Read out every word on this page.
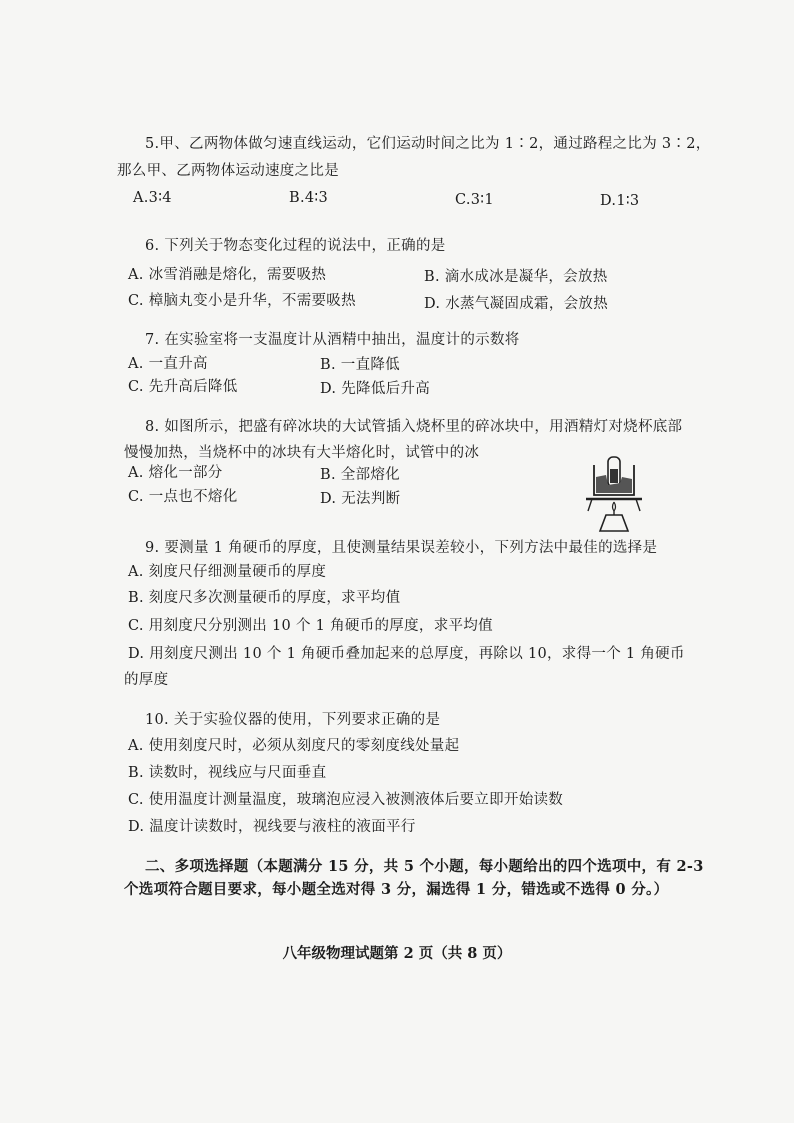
5.甲、乙两物体做匀速直线运动，它们运动时间之比为 1∶2，通过路程之比为 3∶2，
那么甲、乙两物体运动速度之比是
A.3∶4	B.4∶3	C.3∶1	D.1∶3
6. 下列关于物态变化过程的说法中，正确的是
A. 冰雪消融是熔化，需要吸热	B. 滴水成冰是凝华，会放热
C. 樟脑丸变小是升华，不需要吸热	D. 水蒸气凝固成霜，会放热
7. 在实验室将一支温度计从酒精中抽出，温度计的示数将
A. 一直升高	B. 一直降低
C. 先升高后降低	D. 先降低后升高
8. 如图所示，把盛有碎冰块的大试管插入烧杯里的碎冰块中，用酒精灯对烧杯底部
慢慢加热，当烧杯中的冰块有大半熔化时，试管中的冰
A. 熔化一部分	B. 全部熔化
C. 一点也不熔化	D. 无法判断
9. 要测量 1 角硬币的厚度，且使测量结果误差较小，下列方法中最佳的选择是
A. 刻度尺仔细测量硬币的厚度
B. 刻度尺多次测量硬币的厚度，求平均值
C. 用刻度尺分别测出 10 个 1 角硬币的厚度，求平均值
D. 用刻度尺测出 10 个 1 角硬币叠加起来的总厚度，再除以 10，求得一个 1 角硬币
的厚度
10. 关于实验仪器的使用，下列要求正确的是
A. 使用刻度尺时，必须从刻度尺的零刻度线处量起
B. 读数时，视线应与尺面垂直
C. 使用温度计测量温度，玻璃泡应浸入被测液体后要立即开始读数
D. 温度计读数时，视线要与液柱的液面平行
二、多项选择题（本题满分 15 分，共 5 个小题，每小题给出的四个选项中，有 2-3
个选项符合题目要求，每小题全选对得 3 分，漏选得 1 分，错选或不选得 0 分。）
八年级物理试题第 2 页（共 8 页）
